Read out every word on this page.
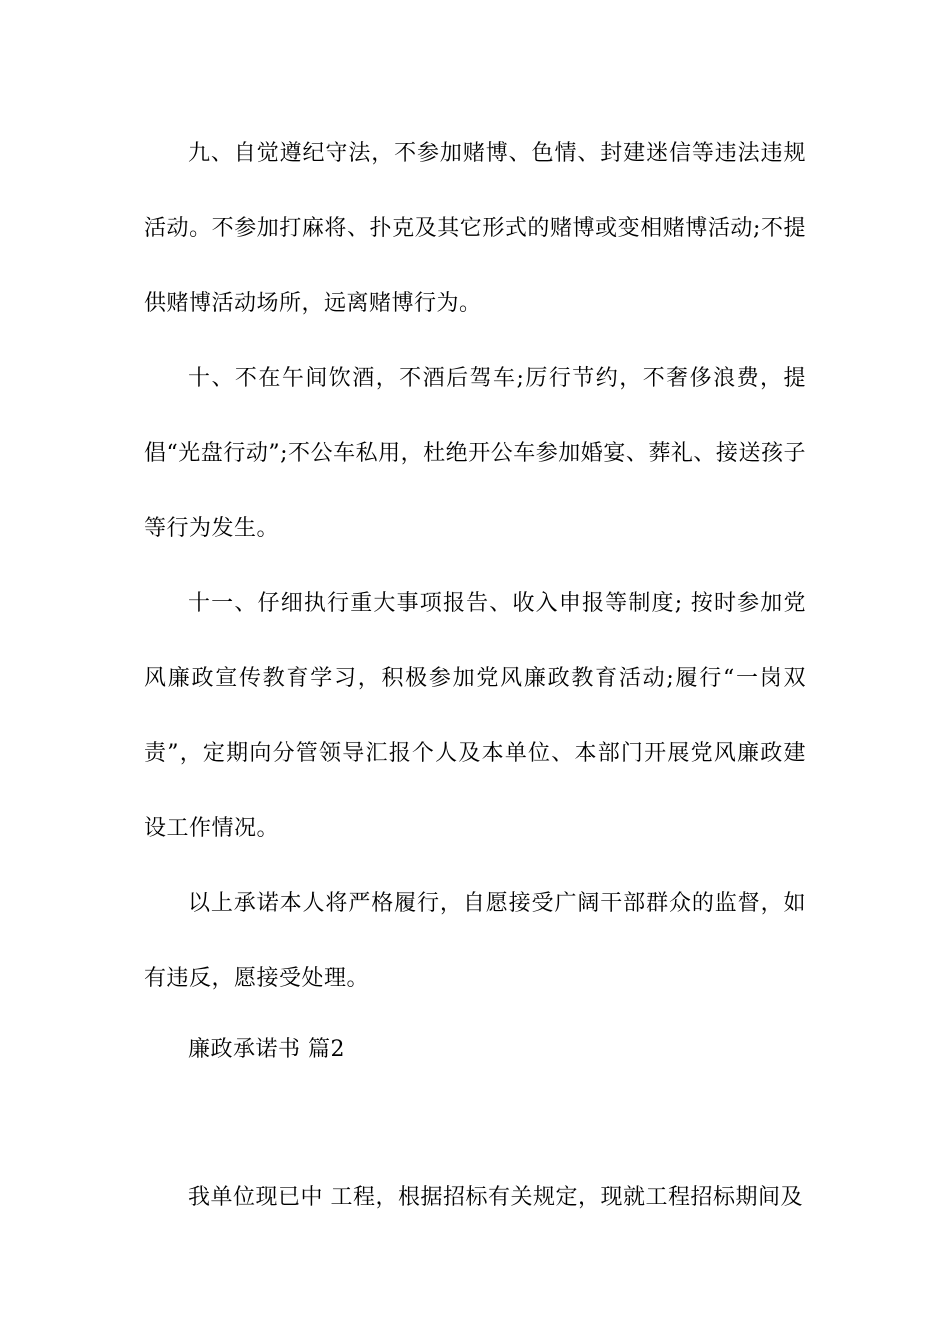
九、自觉遵纪守法，不参加赌博、色情、封建迷信等违法违规活动。不参加打麻将、扑克及其它形式的赌博或变相赌博活动;不提供赌博活动场所，远离赌博行为。

十、不在午间饮酒，不酒后驾车;厉行节约，不奢侈浪费，提倡“光盘行动”;不公车私用，杜绝开公车参加婚宴、葬礼、接送孩子等行为发生。

十一、仔细执行重大事项报告、收入申报等制度; 按时参加党风廉政宣传教育学习，积极参加党风廉政教育活动;履行“一岗双责”，定期向分管领导汇报个人及本单位、本部门开展党风廉政建设工作情况。

以上承诺本人将严格履行，自愿接受广阔干部群众的监督，如有违反，愿接受处理。

廉政承诺书 篇2

我单位现已中 工程，根据招标有关规定，现就工程招标期间及
